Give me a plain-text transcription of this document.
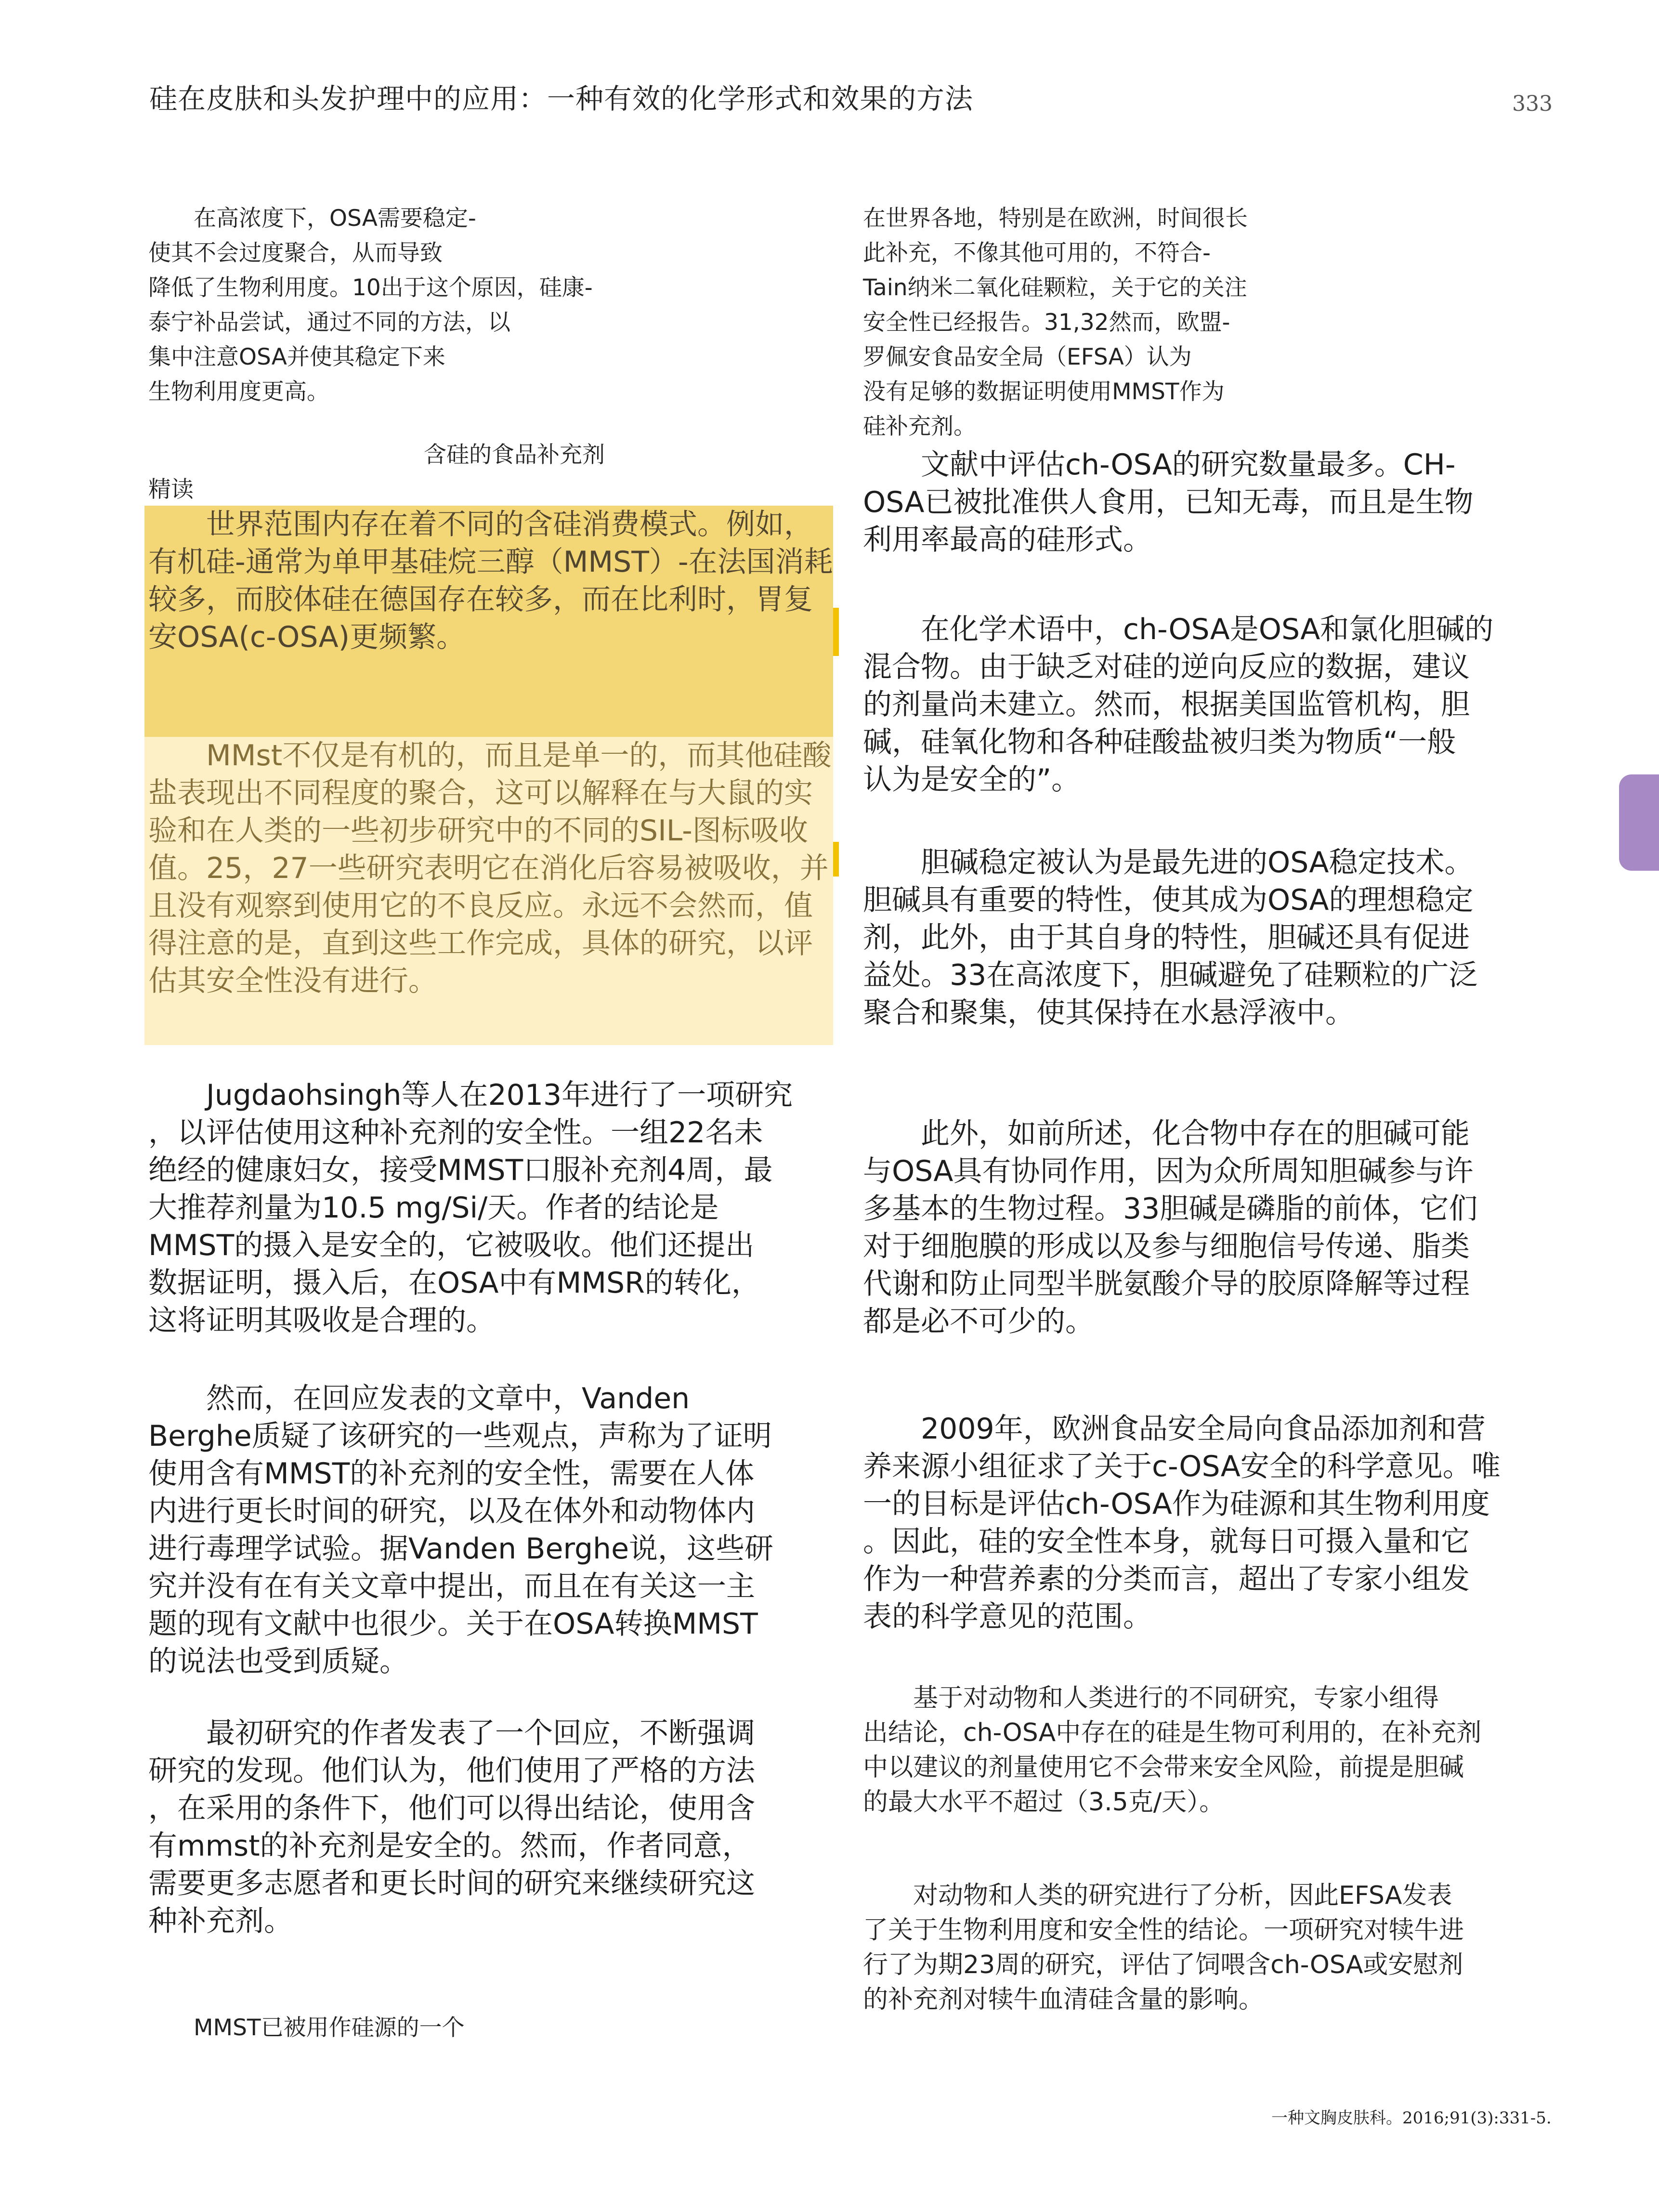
硅在皮肤和头发护理中的应用：一种有效的化学形式和效果的方法	333

　　在高浓度下，OSA需要稳定-
使其不会过度聚合，从而导致
降低了生物利用度。10出于这个原因，硅康-
泰宁补品尝试，通过不同的方法，以
集中注意OSA并使其稳定下来
生物利用度更高。

含硅的食品补充剂
精读
　　世界范围内存在着不同的含硅消费模式。例如，有机硅-通常为单甲基硅烷三醇（MMST）-在法国消耗较多，而胶体硅在德国存在较多，而在比利时，胃复安OSA(c-OSA)更频繁。
　　MMst不仅是有机的，而且是单一的，而其他硅酸盐表现出不同程度的聚合，这可以解释在与大鼠的实验和在人类的一些初步研究中的不同的SIL-图标吸收值。25，27一些研究表明它在消化后容易被吸收，并且没有观察到使用它的不良反应。永远不会然而，值得注意的是，直到这些工作完成，具体的研究，以评估其安全性没有进行。

　　Jugdaohsingh等人在2013年进行了一项研究
，以评估使用这种补充剂的安全性。一组22名未
绝经的健康妇女，接受MMST口服补充剂4周，最
大推荐剂量为10.5 mg/Si/天。作者的结论是
MMST的摄入是安全的，它被吸收。他们还提出
数据证明，摄入后，在OSA中有MMSR的转化，
这将证明其吸收是合理的。

　　然而，在回应发表的文章中，Vanden
Berghe质疑了该研究的一些观点，声称为了证明
使用含有MMST的补充剂的安全性，需要在人体
内进行更长时间的研究，以及在体外和动物体内
进行毒理学试验。据Vanden Berghe说，这些研
究并没有在有关文章中提出，而且在有关这一主
题的现有文献中也很少。关于在OSA转换MMST
的说法也受到质疑。

　　最初研究的作者发表了一个回应，不断强调
研究的发现。他们认为，他们使用了严格的方法
，在采用的条件下，他们可以得出结论，使用含
有mmst的补充剂是安全的。然而，作者同意，
需要更多志愿者和更长时间的研究来继续研究这
种补充剂。

　　MMST已被用作硅源的一个

在世界各地，特别是在欧洲，时间很长
此补充，不像其他可用的，不符合-
Tain纳米二氧化硅颗粒，关于它的关注
安全性已经报告。31,32然而，欧盟-
罗佩安食品安全局（EFSA）认为
没有足够的数据证明使用MMST作为
硅补充剂。

　　文献中评估ch-OSA的研究数量最多。CH-
OSA已被批准供人食用，已知无毒，而且是生物
利用率最高的硅形式。

　　在化学术语中，ch-OSA是OSA和氯化胆碱的
混合物。由于缺乏对硅的逆向反应的数据，建议
的剂量尚未建立。然而，根据美国监管机构，胆
碱，硅氧化物和各种硅酸盐被归类为物质“一般
认为是安全的”。

　　胆碱稳定被认为是最先进的OSA稳定技术。
胆碱具有重要的特性，使其成为OSA的理想稳定
剂，此外，由于其自身的特性，胆碱还具有促进
益处。33在高浓度下，胆碱避免了硅颗粒的广泛
聚合和聚集，使其保持在水悬浮液中。

　　此外，如前所述，化合物中存在的胆碱可能
与OSA具有协同作用，因为众所周知胆碱参与许
多基本的生物过程。33胆碱是磷脂的前体，它们
对于细胞膜的形成以及参与细胞信号传递、脂类
代谢和防止同型半胱氨酸介导的胶原降解等过程
都是必不可少的。

　　2009年，欧洲食品安全局向食品添加剂和营
养来源小组征求了关于c-OSA安全的科学意见。唯
一的目标是评估ch-OSA作为硅源和其生物利用度
。因此，硅的安全性本身，就每日可摄入量和它
作为一种营养素的分类而言，超出了专家小组发
表的科学意见的范围。

　　基于对动物和人类进行的不同研究，专家小组得
出结论，ch-OSA中存在的硅是生物可利用的，在补充剂
中以建议的剂量使用它不会带来安全风险，前提是胆碱
的最大水平不超过（3.5克/天）。

　　对动物和人类的研究进行了分析，因此EFSA发表
了关于生物利用度和安全性的结论。一项研究对犊牛进
行了为期23周的研究，评估了饲喂含ch-OSA或安慰剂
的补充剂对犊牛血清硅含量的影响。

一种文胸皮肤科。2016;91(3):331-5.
